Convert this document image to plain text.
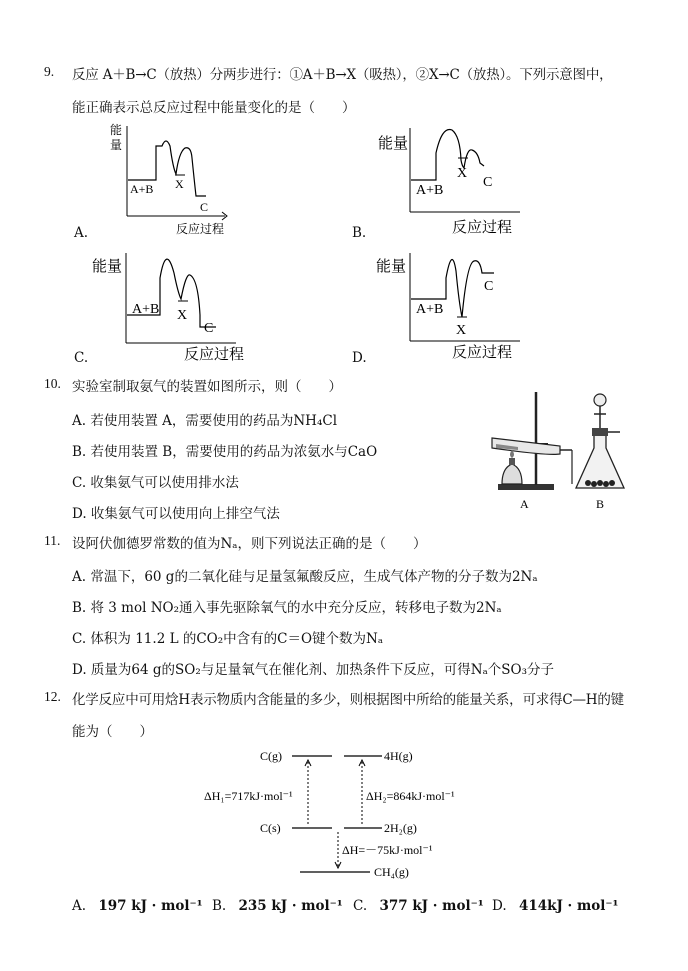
9. 反应 A＋B→C（放热）分两步进行：①A＋B→X（吸热），②X→C（放热）。下列示意图中，
能正确表示总反应过程中能量变化的是（　　）
A.
能
量
A+B X
C
反应过程	B.
能量
A+B
X
C
反应过程
C.
能量
A+B X
C
反应过程	D.
能量
A+B
X
C
反应过程
10. 实验室制取氨气的装置如图所示，则（　　）
A. 若使用装置 A，需要使用的药品为NH₄Cl
B. 若使用装置 B，需要使用的药品为浓氨水与CaO
C. 收集氨气可以使用排水法
D. 收集氨气可以使用向上排空气法
A	B
11. 设阿伏伽德罗常数的值为Nₐ，则下列说法正确的是（　　）
A. 常温下，60 g的二氧化硅与足量氢氟酸反应，生成气体产物的分子数为2Nₐ
B. 将 3 mol NO₂通入事先驱除氧气的水中充分反应，转移电子数为2Nₐ
C. 体积为 11.2 L 的CO₂中含有的C＝O键个数为Nₐ
D. 质量为64 g的SO₂与足量氧气在催化剂、加热条件下反应，可得Nₐ个SO₃分子
12. 化学反应中可用焓H表示物质内含能量的多少，则根据图中所给的能量关系，可求得C—H的键
能为（　　）
C(g)	4H(g)
ΔH₁=717kJ·mol⁻¹	ΔH₂=864kJ·mol⁻¹
C(s)	2H₂(g)
ΔH=－75kJ·mol⁻¹
CH₄(g)
A. 197 kJ · mol⁻¹ B. 235 kJ · mol⁻¹ C. 377 kJ · mol⁻¹ D. 414kJ · mol⁻¹
